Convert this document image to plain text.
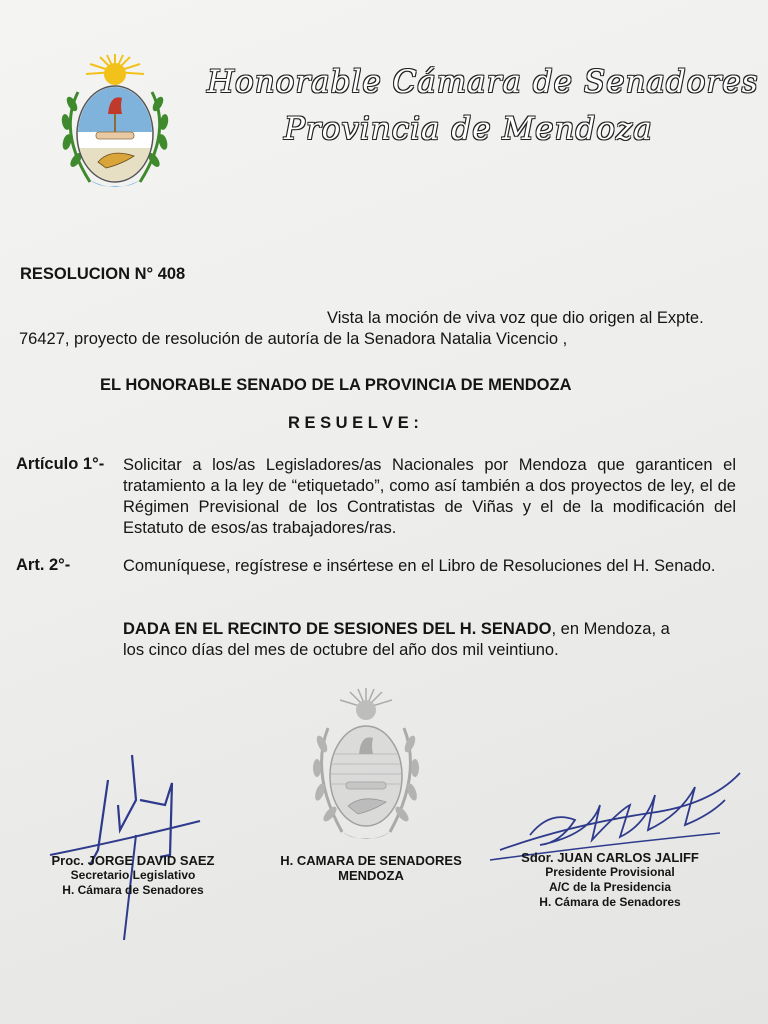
Honorable Cámara de Senadores
Provincia de Mendoza
RESOLUCION N° 408
Vista la moción de viva voz que dio origen al Expte.
76427, proyecto de resolución de autoría de la Senadora Natalia Vicencio ,
EL HONORABLE SENADO DE LA PROVINCIA DE MENDOZA
R E S U E L V E :
Artículo 1°- Solicitar a los/as Legisladores/as Nacionales por Mendoza que garanticen el tratamiento a la ley de “etiquetado”, como así también a dos proyectos de ley, el de Régimen Previsional de los Contratistas de Viñas y el de la modificación del Estatuto de esos/as trabajadores/ras.
Art. 2°-	Comuníquese, regístrese e insértese en el Libro de Resoluciones del H. Senado.
DADA EN EL RECINTO DE SESIONES DEL H. SENADO, en Mendoza, a
los cinco días del mes de octubre del año dos mil veintiuno.
Proc. JORGE DAVID SAEZ
Secretario Legislativo
H. Cámara de Senadores
H. CAMARA DE SENADORES
MENDOZA
Sdor. JUAN CARLOS JALIFF
Presidente Provisional
A/C de la Presidencia
H. Cámara de Senadores
